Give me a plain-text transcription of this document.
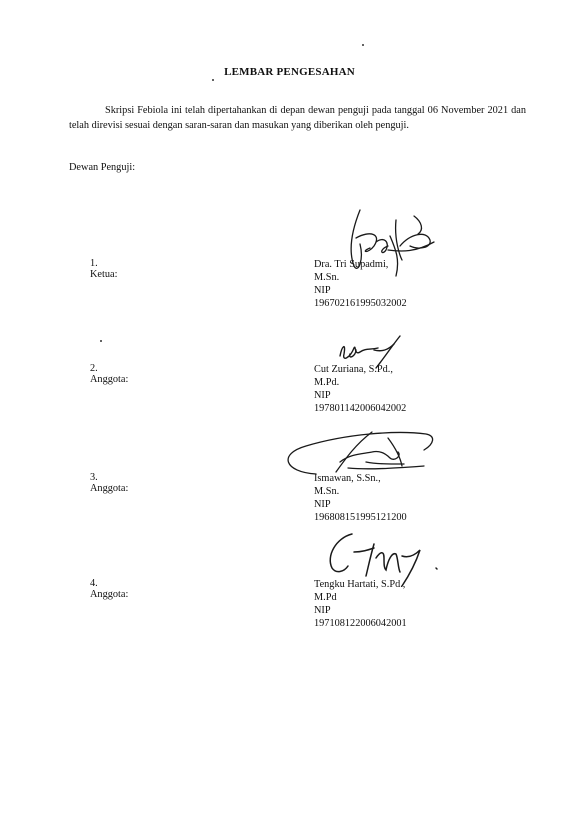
LEMBAR PENGESAHAN
Skripsi Febiola ini telah dipertahankan di depan dewan penguji pada tanggal 06 November 2021 dan telah direvisi sesuai dengan saran-saran dan masukan yang diberikan oleh penguji.
Dewan Penguji:
1.Ketua:
Dra. Tri Supadmi, M.Sn.
NIP 196702161995032002
2.Anggota:
Cut Zuriana, S.Pd., M.Pd.
NIP 197801142006042002
3.Anggota:
Ismawan, S.Sn., M.Sn.
NIP 196808151995121200
4.Anggota:
Tengku Hartati, S.Pd., M.Pd
NIP 197108122006042001
